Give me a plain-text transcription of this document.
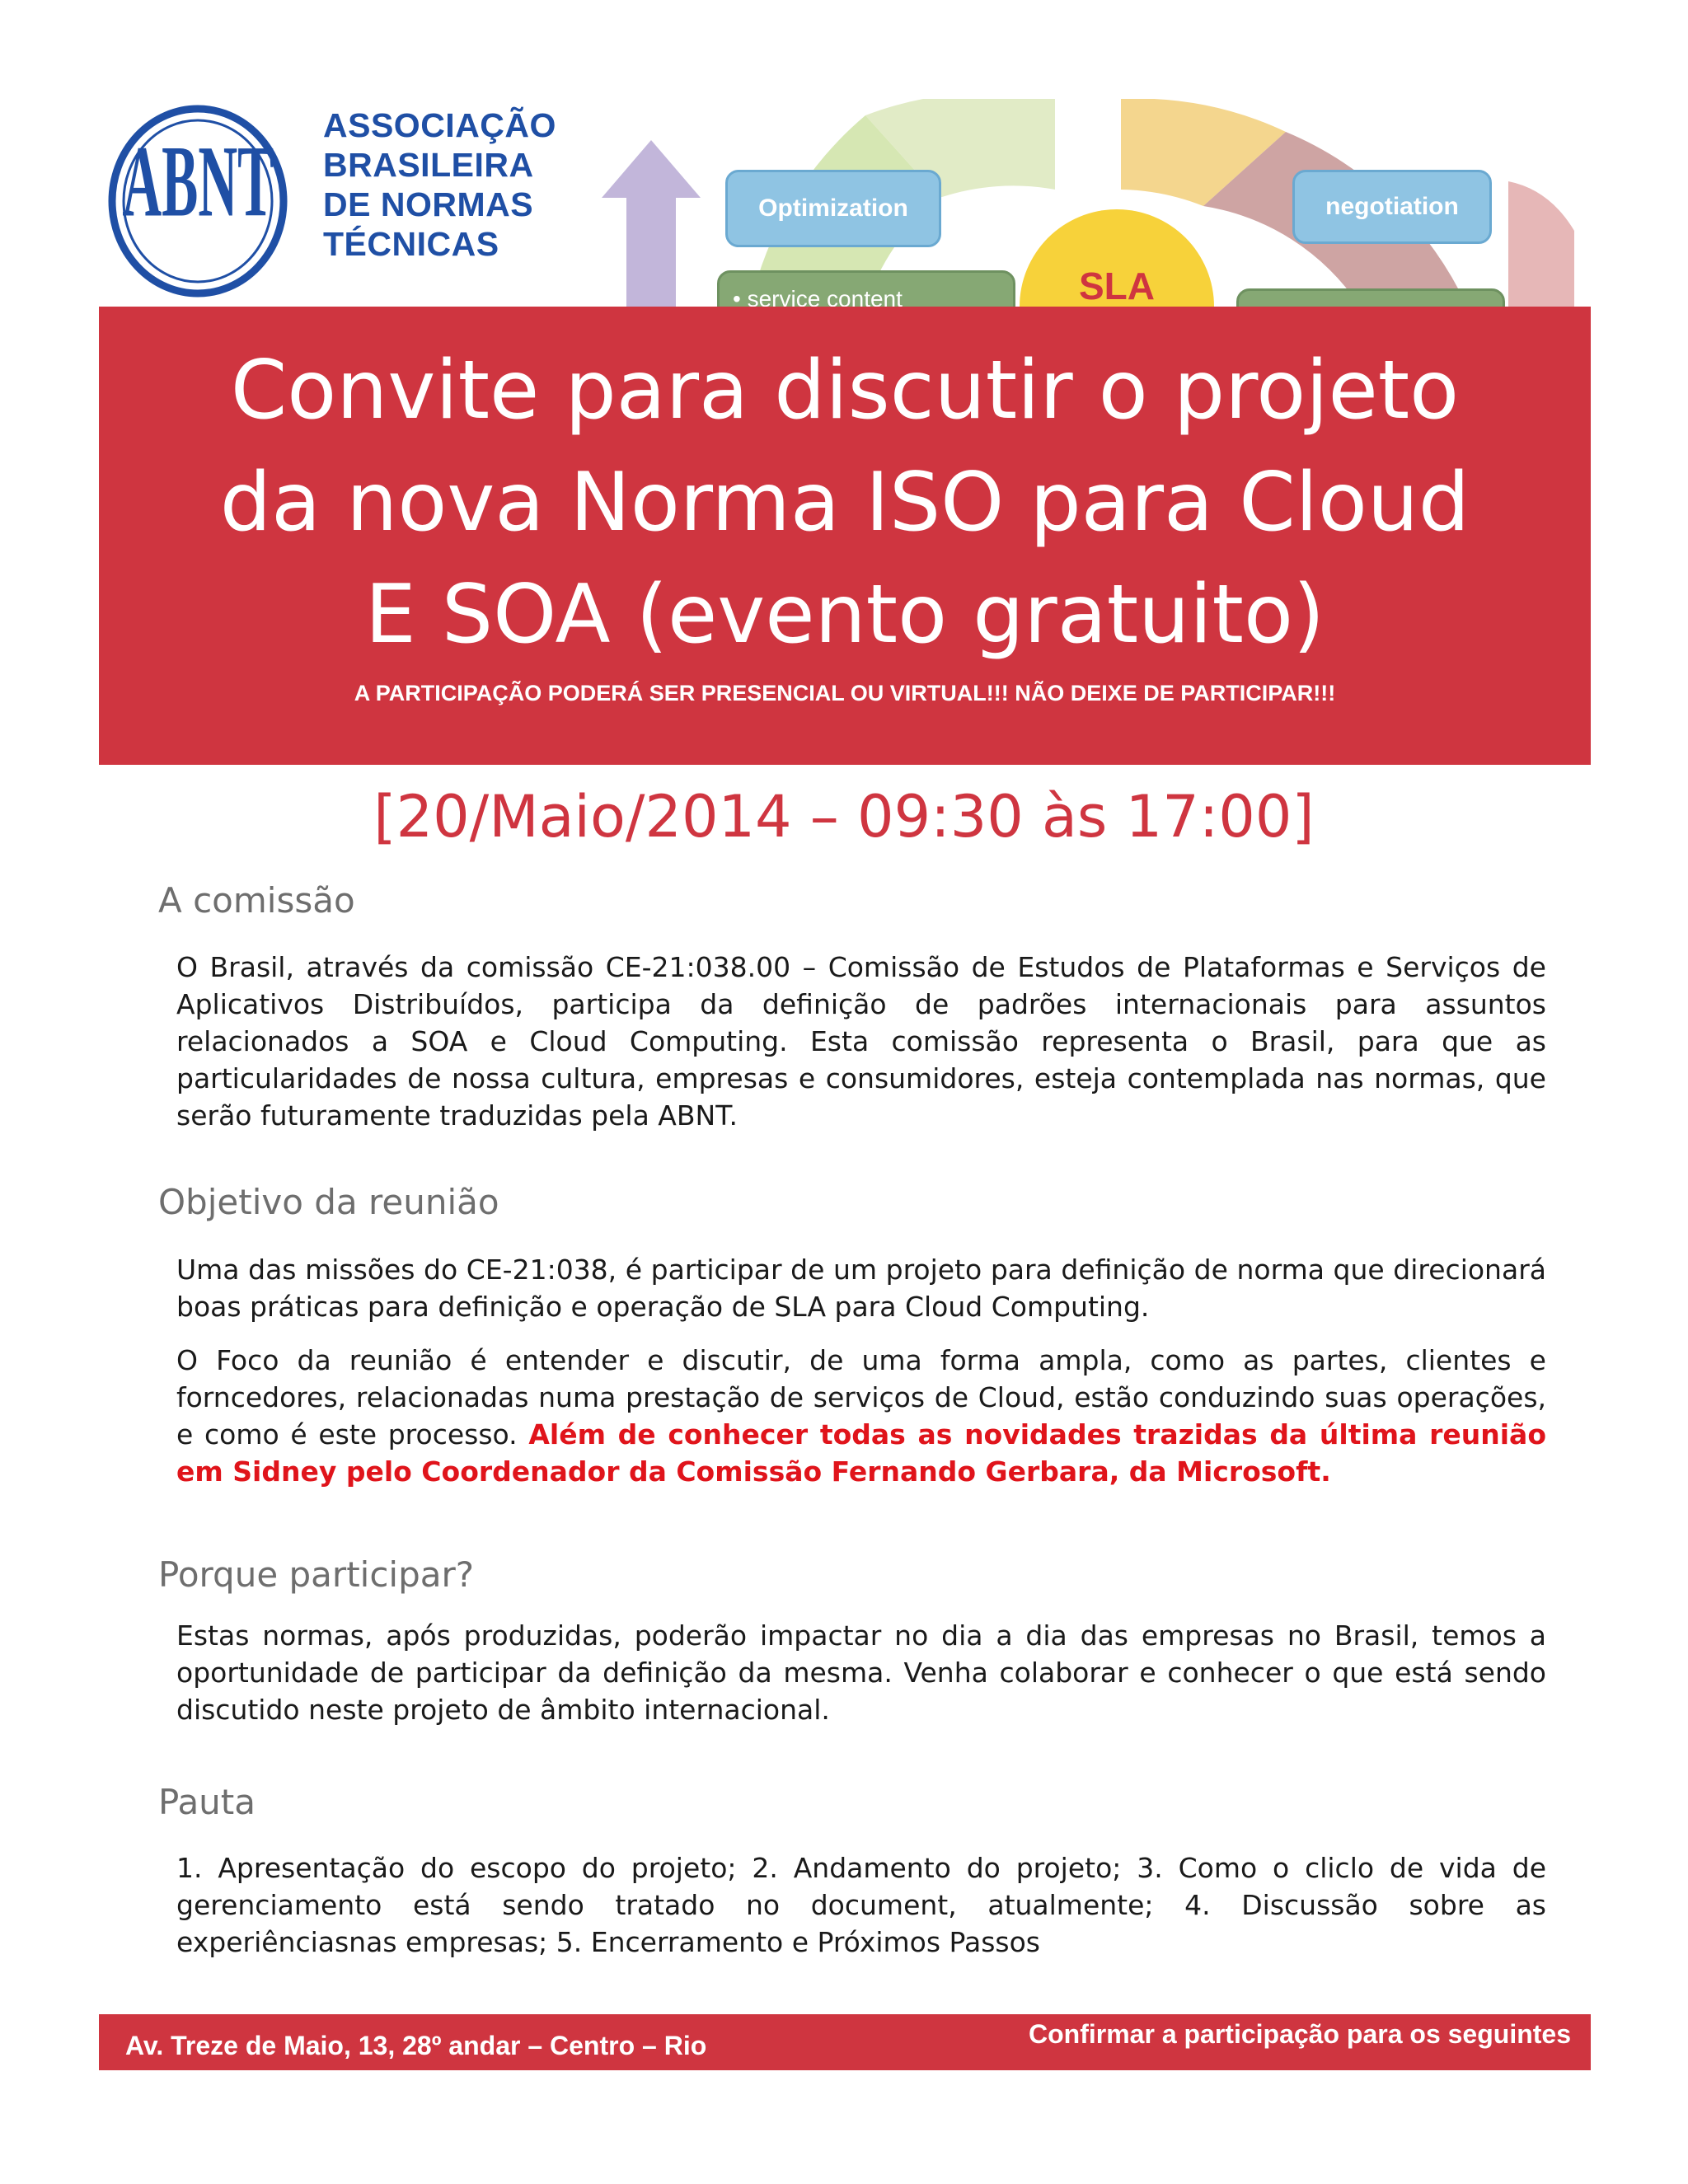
ABNT ASSOCIAÇÃO
BRASILEIRA
DE NORMAS
TÉCNICAS
Optimization	negotiation
• service content	SLA
Convite para discutir o projeto
da nova Norma ISO para Cloud
E SOA (evento gratuito)
A PARTICIPAÇÃO PODERÁ SER PRESENCIAL OU VIRTUAL!!! NÃO DEIXE DE PARTICIPAR!!!
[20/Maio/2014 – 09:30 às 17:00]
A comissão
O Brasil, através da comissão CE-21:038.00 – Comissão de Estudos de Plataformas e Serviços de Aplicativos Distribuídos, participa da definição de padrões internacionais para assuntos relacionados a SOA e Cloud Computing. Esta comissão representa o Brasil, para que as particularidades de nossa cultura, empresas e consumidores, esteja contemplada nas normas, que serão futuramente traduzidas pela ABNT.
Objetivo da reunião
Uma das missões do CE-21:038, é participar de um projeto para definição de norma que direcionará boas práticas para definição e operação de SLA para Cloud Computing.
O Foco da reunião é entender e discutir, de uma forma ampla, como as partes, clientes e forncedores, relacionadas numa prestação de serviços de Cloud, estão conduzindo suas operações, e como é este processo. Além de conhecer todas as novidades trazidas da última reunião em Sidney pelo Coordenador da Comissão Fernando Gerbara, da Microsoft.
Porque participar?
Estas normas, após produzidas, poderão impactar no dia a dia das empresas no Brasil, temos a oportunidade de participar da definição da mesma. Venha colaborar e conhecer o que está sendo discutido neste projeto de âmbito internacional.
Pauta
1. Apresentação do escopo do projeto; 2. Andamento do projeto; 3. Como o cliclo de vida de gerenciamento está sendo tratado no document, atualmente; 4. Discussão sobre as experiênciasnas empresas; 5. Encerramento e Próximos Passos
Av. Treze de Maio, 13, 28º andar – Centro – Rio	Confirmar a participação para os seguintes
